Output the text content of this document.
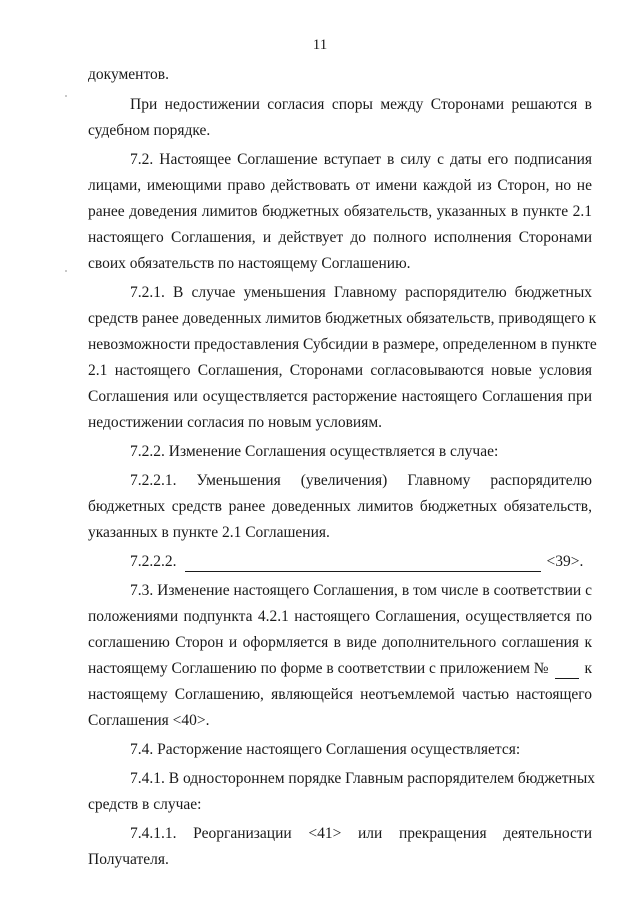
11
документов.
При недостижении согласия споры между Сторонами решаются в
судебном порядке.
7.2. Настоящее Соглашение вступает в силу с даты его подписания
лицами, имеющими право действовать от имени каждой из Сторон, но не
ранее доведения лимитов бюджетных обязательств, указанных в пункте 2.1
настоящего Соглашения, и действует до полного исполнения Сторонами
своих обязательств по настоящему Соглашению.
7.2.1. В случае уменьшения Главному распорядителю бюджетных
средств ранее доведенных лимитов бюджетных обязательств, приводящего к
невозможности предоставления Субсидии в размере, определенном в пункте
2.1 настоящего Соглашения, Сторонами согласовываются новые условия
Соглашения или осуществляется расторжение настоящего Соглашения при
недостижении согласия по новым условиям.
7.2.2. Изменение Соглашения осуществляется в случае:
7.2.2.1. Уменьшения (увеличения) Главному распорядителю
бюджетных средств ранее доведенных лимитов бюджетных обязательств,
указанных в пункте 2.1 Соглашения.
7.2.2.2.	<39>.
7.3. Изменение настоящего Соглашения, в том числе в соответствии с
положениями подпункта 4.2.1 настоящего Соглашения, осуществляется по
соглашению Сторон и оформляется в виде дополнительного соглашения к
настоящему Соглашению по форме в соответствии с приложением №	к
настоящему Соглашению, являющейся неотъемлемой частью настоящего
Соглашения <40>.
7.4. Расторжение настоящего Соглашения осуществляется:
7.4.1. В одностороннем порядке Главным распорядителем бюджетных
средств в случае:
7.4.1.1. Реорганизации <41> или прекращения деятельности
Получателя.
